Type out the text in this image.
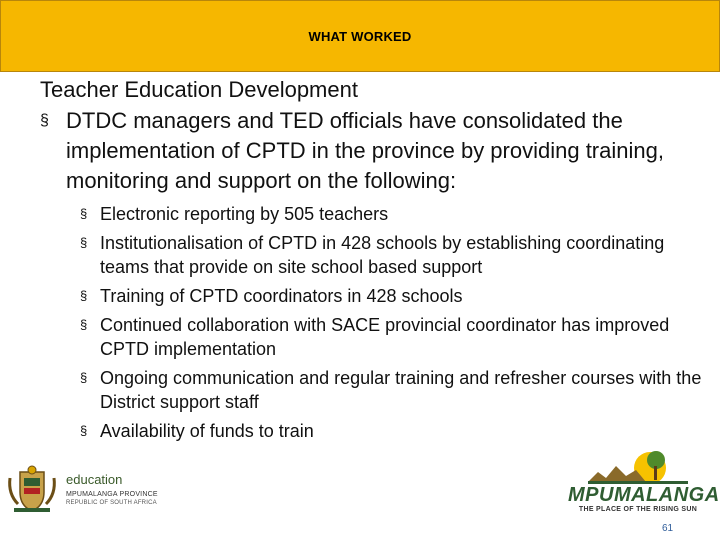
WHAT WORKED

Teacher Education Development

§ DTDC managers and TED officials have consolidated the implementation of CPTD in the province by providing training, monitoring and support on the following:

§ Electronic reporting by 505 teachers
§ Institutionalisation of CPTD in 428 schools by establishing coordinating teams that provide on site school based support
§ Training of CPTD coordinators in 428 schools
§ Continued collaboration with SACE provincial coordinator has improved CPTD implementation
§ Ongoing communication and regular training and refresher courses with the District support staff
§ Availability of funds to train
education
MPUMALANGA PROVINCE
REPUBLIC OF SOUTH AFRICA	MPUMALANGA
THE PLACE OF THE RISING SUN
61
